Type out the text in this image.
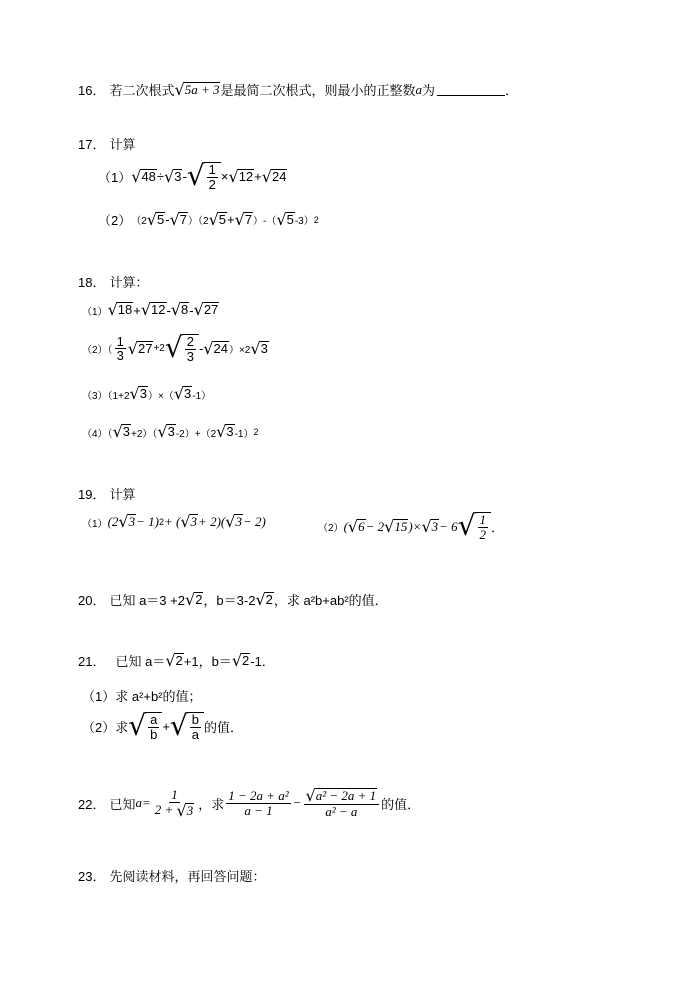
16． 若二次根式 √ 5a + 3 是最简二次根式，则最小的正整数 a 为	．
17． 计算
（1） √ 48 ÷ √ 3 - √ $\frac{1}{2}$ × √ 12 + √ 24
（2） （2 √ 5 - √ 7 ）（2 √ 5 + √ 7 ）-（ √ 5 -3） 2
18． 计算：
（1） √ 18 + √ 12 - √ 8 - √ 27
$(2)( \frac{1}{3}$ √ 27 +2 √ $\frac{2}{3}$ - √ 24 ）×2 √ 3
（3）（1+2 √ 3 ）×（ √ 3 -1）
（4）（ √ 3 +2）（ √ 3 -2）+（2 √ 3 -1） 2
19． 计算
（1） (2 √ 3 − 1) 2 + ( √ 3 + 2)( √ 3 − 2)	（2） ( √ 6 − 2 √ 15 )× √ 3 − 6 √ $\frac{1}{2}$ ．
20． 已知 a＝3 +2 √ 2 ，b＝3-2 √ 2 ，求 a²b+ab²的值．
21． 已知 a＝ √ 2 +1，b＝ √ 2 -1．
（1）求 a²+b²的值；
（2）求 √ $\frac{a}{b}$ + √ $\frac{b}{a}$ 的值．
22． 已知 $a = \frac{1}{2 + √ 3}$ ，求 $\frac{\text{1 − 2a + a²}}{a - 1} - \frac{\text{√ a² − 2a + 1}}{\text{a² − a}}$ 的值．
23． 先阅读材料，再回答问题：
